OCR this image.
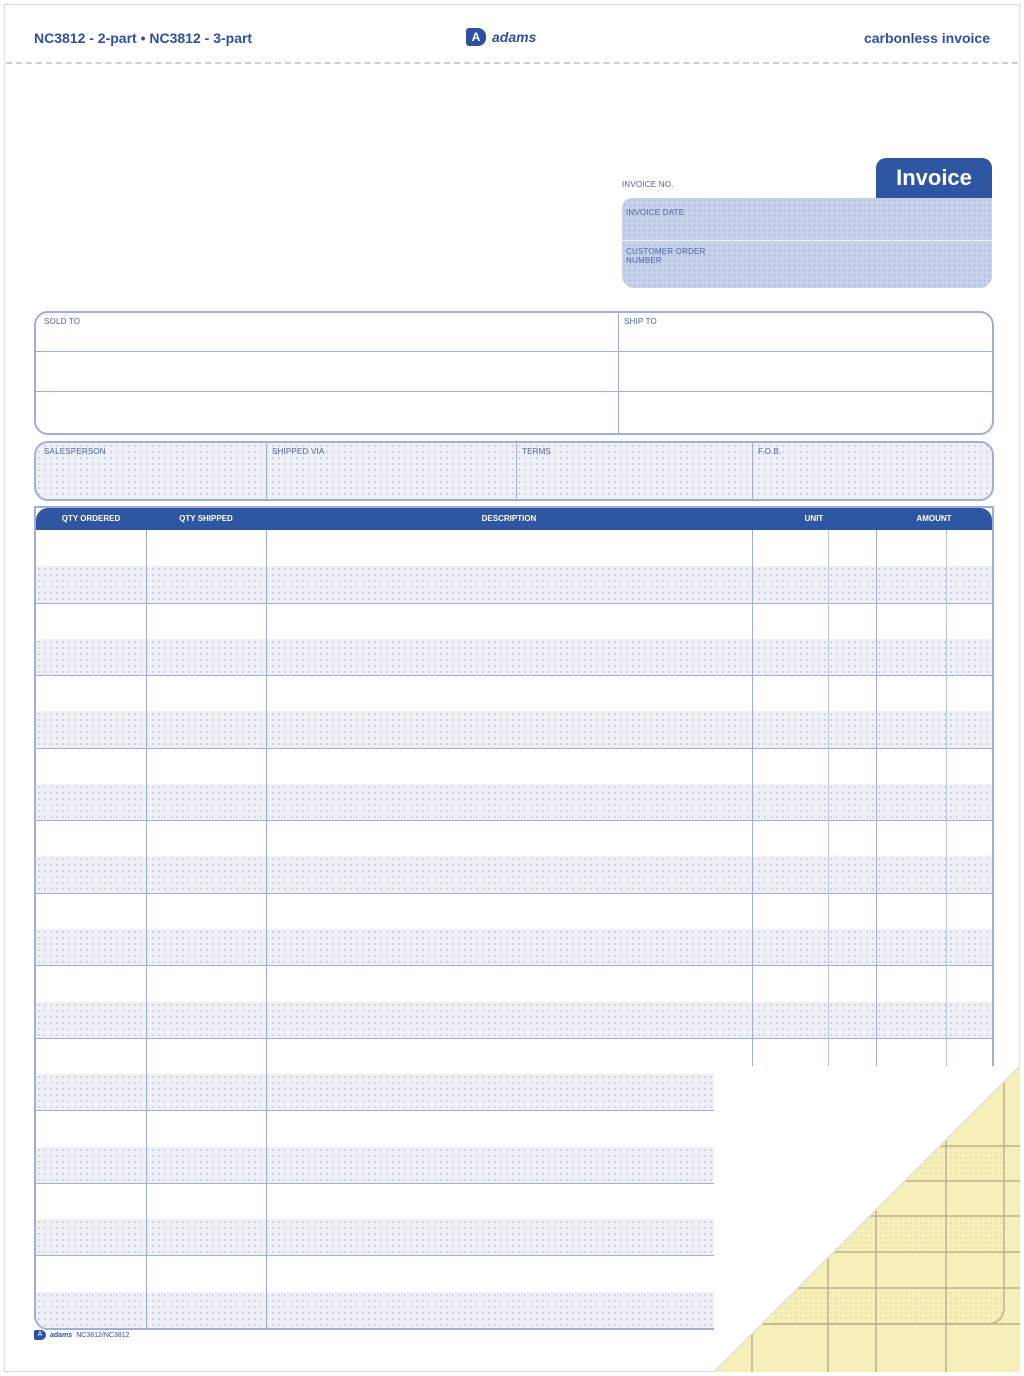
NC3812 - 2-part • NC3812 - 3-part	A adams	carbonless invoice
INVOICE NO.	Invoice
INVOICE DATE
CUSTOMER ORDER NUMBER
SOLD TO	SHIP TO
SALESPERSON	SHIPPED VIA	TERMS	F.O.B.
QTY ORDERED	QTY SHIPPED	DESCRIPTION	UNIT	AMOUNT
A	adams NC3812/NC3812
